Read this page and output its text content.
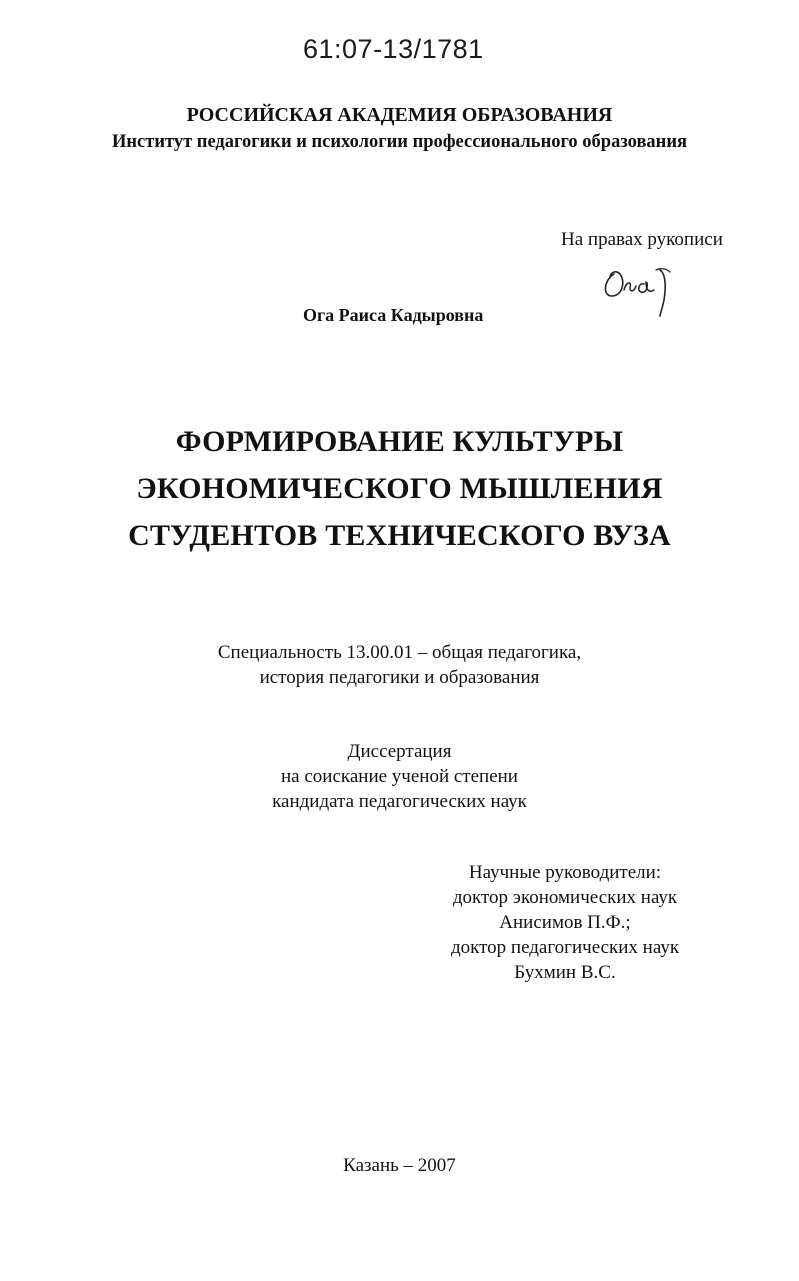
61:07-13/1781
РОССИЙСКАЯ АКАДЕМИЯ ОБРАЗОВАНИЯ
Институт педагогики и психологии профессионального образования
На правах рукописи
Ога Раиса Кадыровна
ФОРМИРОВАНИЕ КУЛЬТУРЫ
ЭКОНОМИЧЕСКОГО МЫШЛЕНИЯ
СТУДЕНТОВ ТЕХНИЧЕСКОГО ВУЗА
Специальность 13.00.01 – общая педагогика,
история педагогики и образования
Диссертация
на соискание ученой степени
кандидата педагогических наук
Научные руководители:
доктор экономических наук
Анисимов П.Ф.;
доктор педагогических наук
Бухмин В.С.
Казань – 2007
